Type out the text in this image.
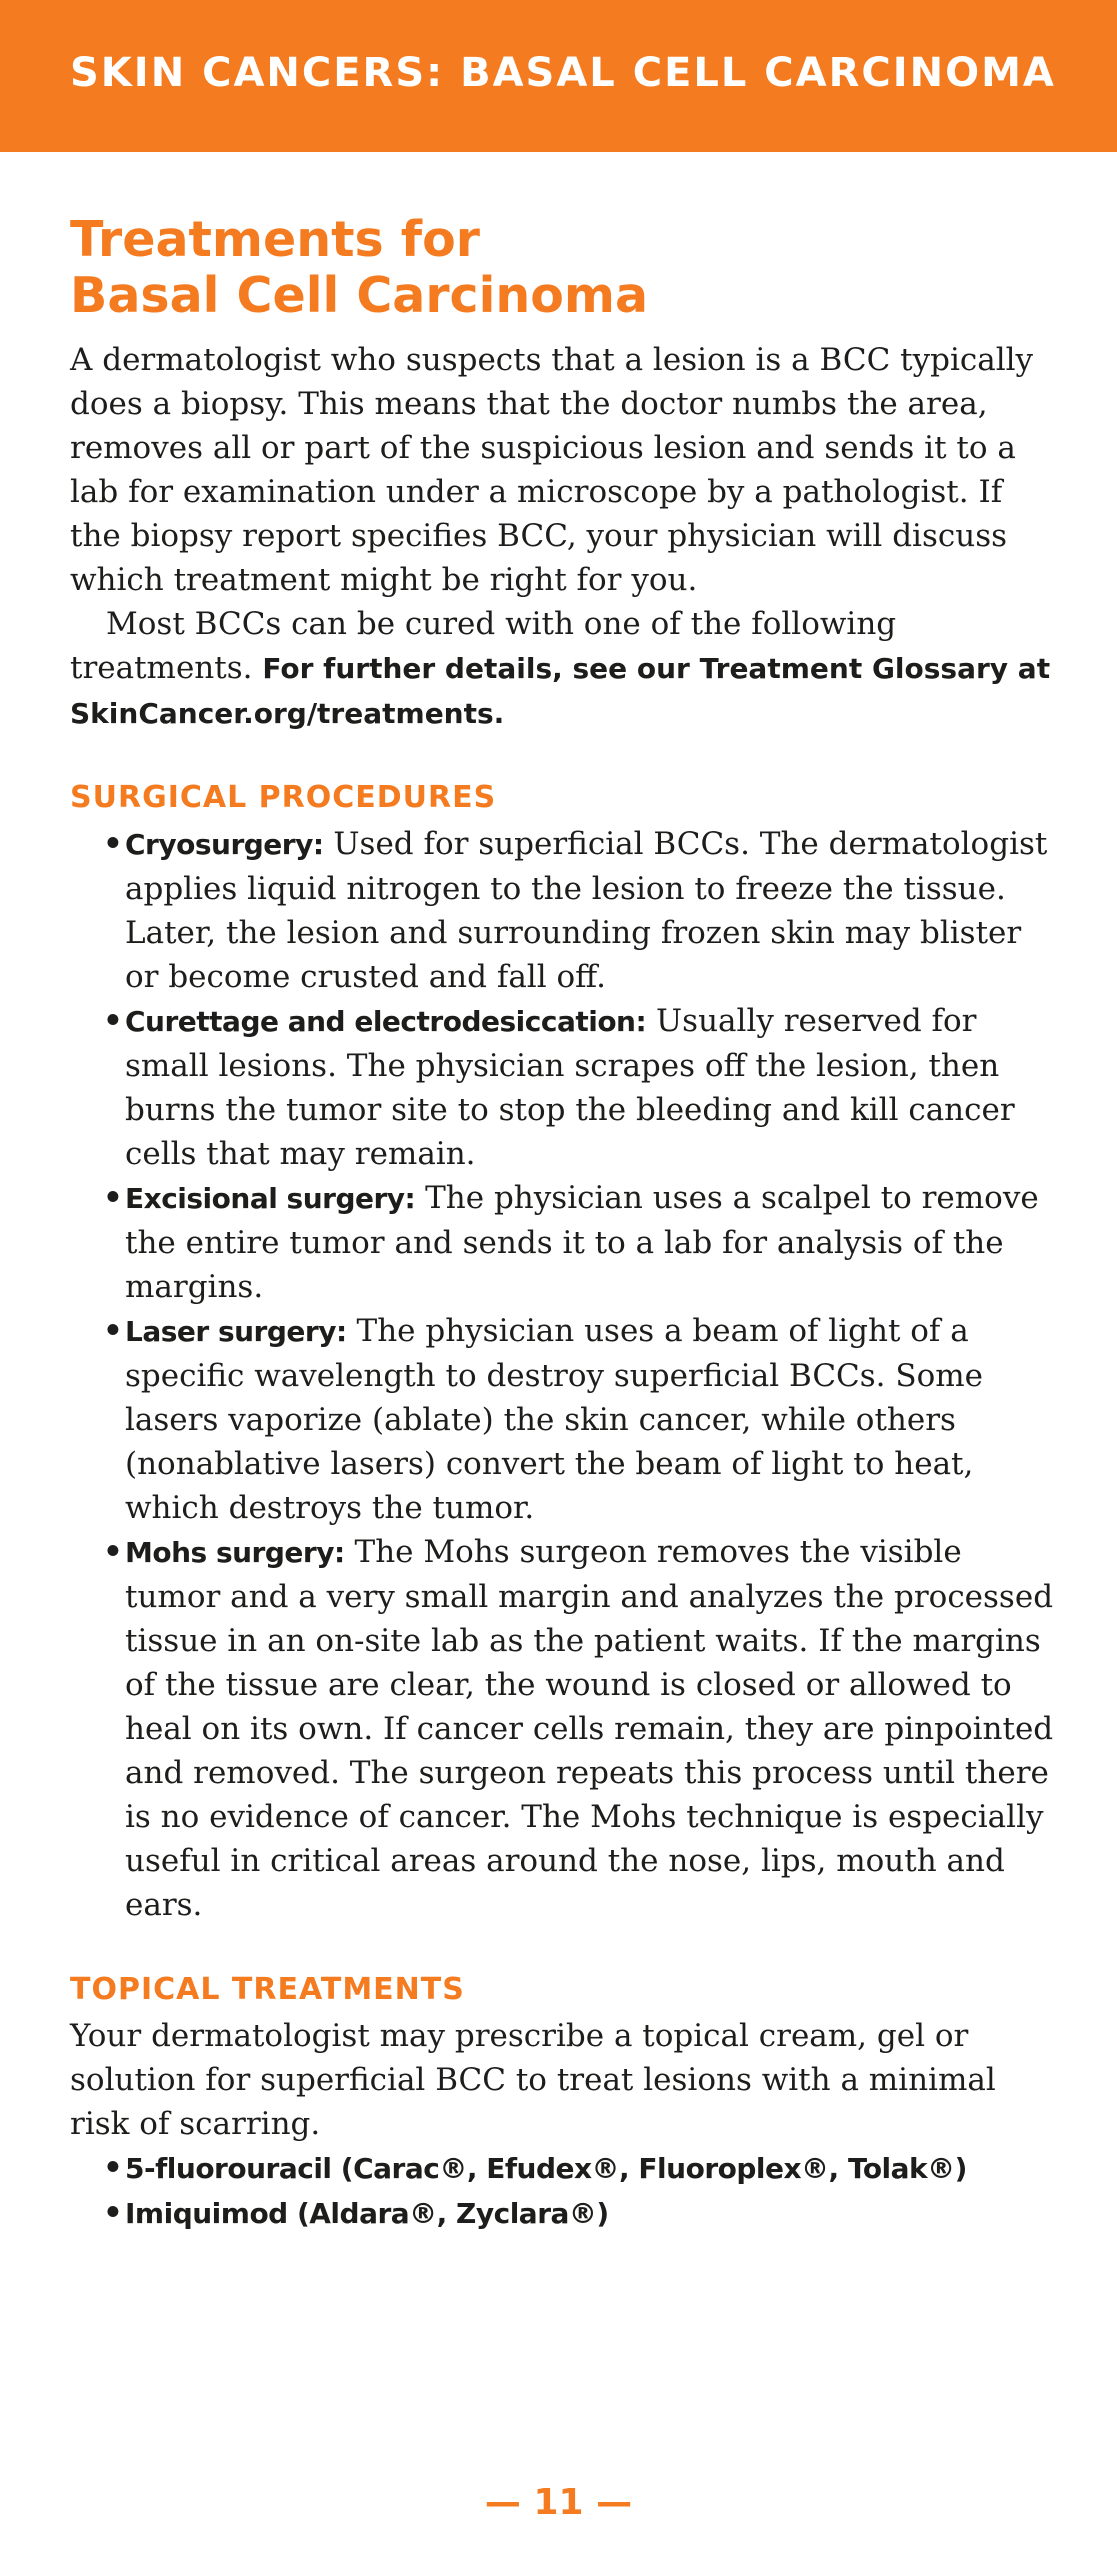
SKIN CANCERS: BASAL CELL CARCINOMA
Treatments for
Basal Cell Carcinoma

A dermatologist who suspects that a lesion is a BCC typically does a biopsy. This means that the doctor numbs the area, removes all or part of the suspicious lesion and sends it to a lab for examination under a microscope by a pathologist. If the biopsy report specifies BCC, your physician will discuss which treatment might be right for you.

Most BCCs can be cured with one of the following treatments. For further details, see our Treatment Glossary at SkinCancer.org/treatments.

SURGICAL PROCEDURES
• Cryosurgery: Used for superficial BCCs. The dermatologist applies liquid nitrogen to the lesion to freeze the tissue. Later, the lesion and surrounding frozen skin may blister or become crusted and fall off.
• Curettage and electrodesiccation: Usually reserved for small lesions. The physician scrapes off the lesion, then burns the tumor site to stop the bleeding and kill cancer cells that may remain.
• Excisional surgery: The physician uses a scalpel to remove the entire tumor and sends it to a lab for analysis of the margins.
• Laser surgery: The physician uses a beam of light of a specific wavelength to destroy superficial BCCs. Some lasers vaporize (ablate) the skin cancer, while others (nonablative lasers) convert the beam of light to heat, which destroys the tumor.
• Mohs surgery: The Mohs surgeon removes the visible tumor and a very small margin and analyzes the processed tissue in an on-site lab as the patient waits. If the margins of the tissue are clear, the wound is closed or allowed to heal on its own. If cancer cells remain, they are pinpointed and removed. The surgeon repeats this process until there is no evidence of cancer. The Mohs technique is especially useful in critical areas around the nose, lips, mouth and ears.
TOPICAL TREATMENTS

Your dermatologist may prescribe a topical cream, gel or solution for superficial BCC to treat lesions with a minimal risk of scarring.

• 5-fluorouracil (Carac®, Efudex®, Fluoroplex®, Tolak®)
• Imiquimod (Aldara®, Zyclara®)
— 11 —
